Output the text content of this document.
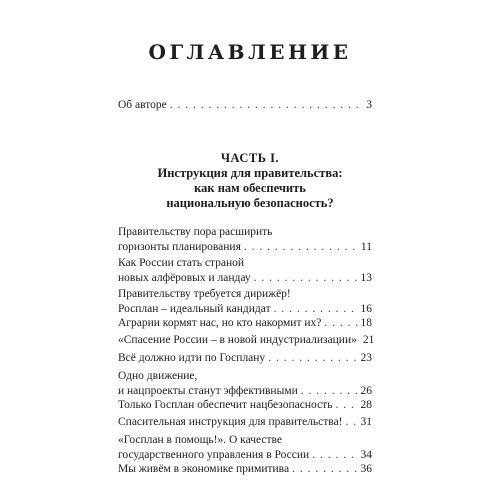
ОГЛАВЛЕНИЕ
Об авторе . . .	3
ЧАСТЬ I.
Инструкция для правительства:
как нам обеспечить
национальную безопасность?
Правительству пора расширить
горизонты планирования . . .	11
Как России стать страной
новых алфёровых и ландау . . .	13
Правительству требуется дирижёр!
Росплан – идеальный кандидат . . .	16
Аграрии кормят нас, но кто накормит их? . . .	18
«Спасение России – в новой индустриализации» 21
Всё должно идти по Госплану . . .	23
Одно движение,
и нацпроекты станут эффективными . . .	26
Только Госплан обеспечит нацбезопасность . . . 28
Спасительная инструкция для правительства! . . . 31
«Госплан в помощь!». О качестве
государственного управления в России . . .	34
Мы живём в экономике примитива . . .	36
